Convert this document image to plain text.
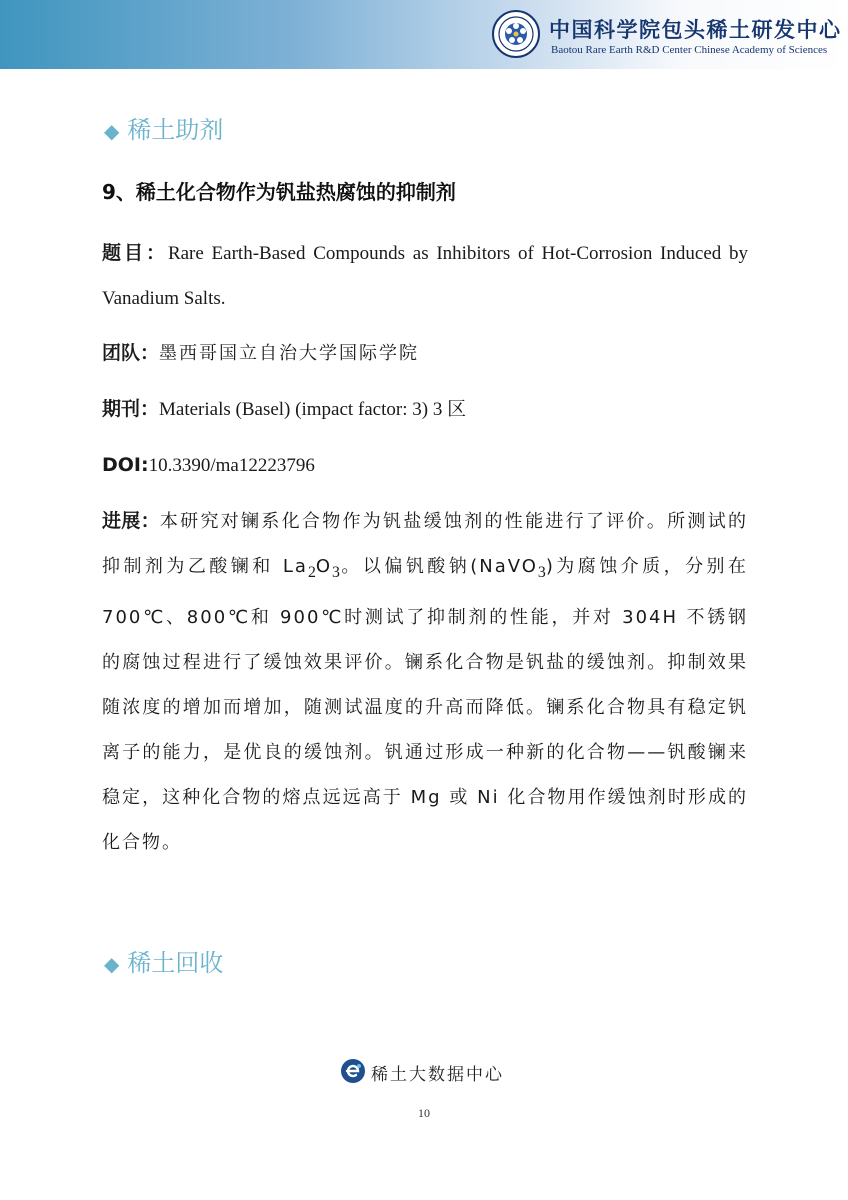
中国科学院包头稀土研发中心
Baotou Rare Earth R&D Center Chinese Academy of Sciences
◆ 稀土助剂
9、稀土化合物作为钒盐热腐蚀的抑制剂
题目：Rare Earth-Based Compounds as Inhibitors of Hot-Corrosion Induced by Vanadium Salts.
团队：墨西哥国立自治大学国际学院
期刊：Materials (Basel) (impact factor: 3) 3 区
DOI:10.3390/ma12223796
进展：本研究对镧系化合物作为钒盐缓蚀剂的性能进行了评价。所测试的抑制剂为乙酸镧和 $La_2O_3$。以偏钒酸钠(NaVO$_3$)为腐蚀介质，分别在 700℃、800℃和 900℃时测试了抑制剂的性能，并对 304H 不锈钢的腐蚀过程进行了缓蚀效果评价。镧系化合物是钒盐的缓蚀剂。抑制效果随浓度的增加而增加，随测试温度的升高而降低。镧系化合物具有稳定钒离子的能力，是优良的缓蚀剂。钒通过形成一种新的化合物——钒酸镧来稳定，这种化合物的熔点远远高于 Mg 或 Ni 化合物用作缓蚀剂时形成的化合物。
◆ 稀土回收
稀土大数据中心
10
